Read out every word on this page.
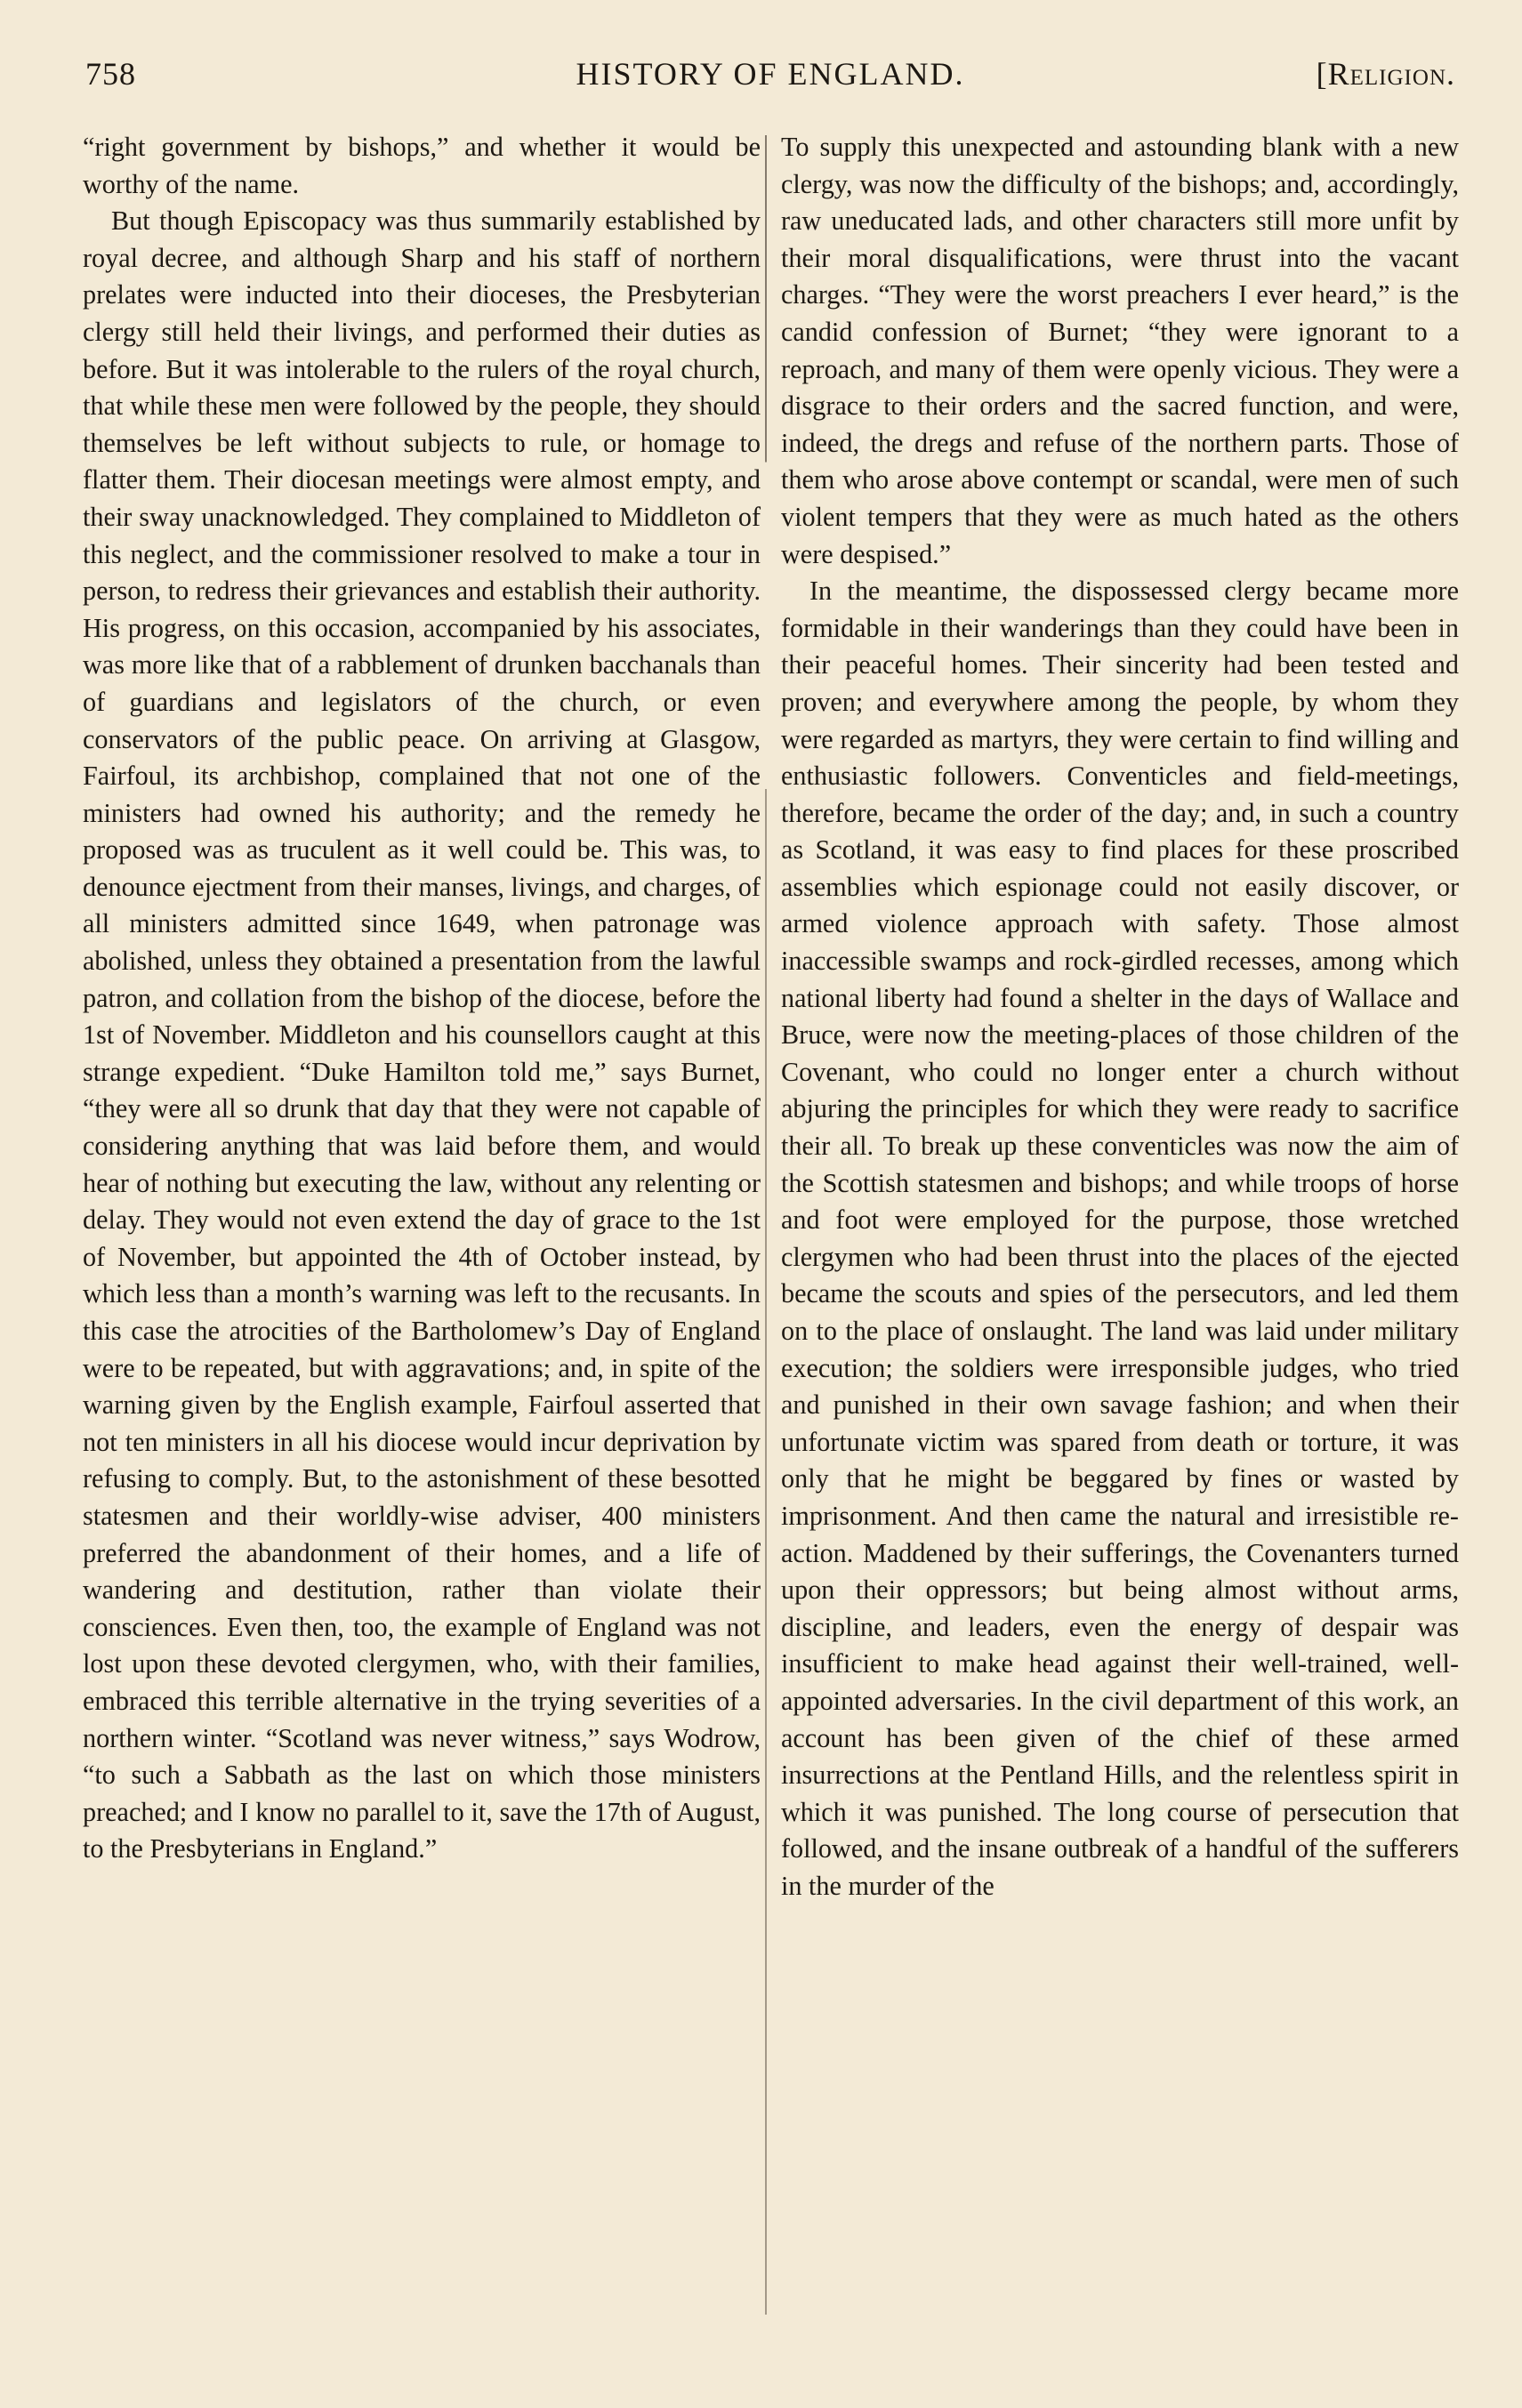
758	HISTORY OF ENGLAND.	[Religion.

“right government by bishops,” and whether it would be worthy of the name.

But though Episcopacy was thus summarily established by royal decree, and although Sharp and his staff of northern prelates were inducted into their dioceses, the Presbyterian clergy still held their livings, and performed their duties as before. But it was intolerable to the rulers of the royal church, that while these men were followed by the people, they should themselves be left without subjects to rule, or homage to flatter them. Their diocesan meetings were almost empty, and their sway unacknowledged. They complained to Middleton of this neglect, and the commissioner resolved to make a tour in person, to redress their grievances and establish their authority. His progress, on this occasion, accompanied by his associates, was more like that of a rabblement of drunken bacchanals than of guardians and legislators of the church, or even conservators of the public peace. On arriving at Glasgow, Fairfoul, its archbishop, complained that not one of the ministers had owned his authority; and the remedy he proposed was as truculent as it well could be. This was, to denounce ejectment from their manses, livings, and charges, of all ministers admitted since 1649, when patronage was abolished, unless they obtained a presentation from the lawful patron, and collation from the bishop of the diocese, before the 1st of November. Middleton and his counsellors caught at this strange expedient. “Duke Hamilton told me,” says Burnet, “they were all so drunk that day that they were not capable of considering anything that was laid before them, and would hear of nothing but executing the law, without any relenting or delay. They would not even extend the day of grace to the 1st of November, but appointed the 4th of October instead, by which less than a month’s warning was left to the recusants. In this case the atrocities of the Bartholomew’s Day of England were to be repeated, but with aggravations; and, in spite of the warning given by the English example, Fairfoul asserted that not ten ministers in all his diocese would incur deprivation by refusing to comply. But, to the astonishment of these besotted statesmen and their worldly-wise adviser, 400 ministers preferred the abandonment of their homes, and a life of wandering and destitution, rather than violate their consciences. Even then, too, the example of England was not lost upon these devoted clergymen, who, with their families, embraced this terrible alternative in the trying severities of a northern winter. “Scotland was never witness,” says Wodrow, “to such a Sabbath as the last on which those ministers preached; and I know no parallel to it, save the 17th of August, to the Presbyterians in England.”

To supply this unexpected and astounding blank with a new clergy, was now the difficulty of the bishops; and, accordingly, raw uneducated lads, and other characters still more unfit by their moral disqualifications, were thrust into the vacant charges. “They were the worst preachers I ever heard,” is the candid confession of Burnet; “they were ignorant to a reproach, and many of them were openly vicious. They were a disgrace to their orders and the sacred function, and were, indeed, the dregs and refuse of the northern parts. Those of them who arose above contempt or scandal, were men of such violent tempers that they were as much hated as the others were despised.”

In the meantime, the dispossessed clergy became more formidable in their wanderings than they could have been in their peaceful homes. Their sincerity had been tested and proven; and everywhere among the people, by whom they were regarded as martyrs, they were certain to find willing and enthusiastic followers. Conventicles and field-meetings, therefore, became the order of the day; and, in such a country as Scotland, it was easy to find places for these proscribed assemblies which espionage could not easily discover, or armed violence approach with safety. Those almost inaccessible swamps and rock-girdled recesses, among which national liberty had found a shelter in the days of Wallace and Bruce, were now the meeting-places of those children of the Covenant, who could no longer enter a church without abjuring the principles for which they were ready to sacrifice their all. To break up these conventicles was now the aim of the Scottish statesmen and bishops; and while troops of horse and foot were employed for the purpose, those wretched clergymen who had been thrust into the places of the ejected became the scouts and spies of the persecutors, and led them on to the place of onslaught. The land was laid under military execution; the soldiers were irresponsible judges, who tried and punished in their own savage fashion; and when their unfortunate victim was spared from death or torture, it was only that he might be beggared by fines or wasted by imprisonment. And then came the natural and irresistible re-action. Maddened by their sufferings, the Covenanters turned upon their oppressors; but being almost without arms, discipline, and leaders, even the energy of despair was insufficient to make head against their well-trained, well-appointed adversaries. In the civil department of this work, an account has been given of the chief of these armed insurrections at the Pentland Hills, and the relentless spirit in which it was punished. The long course of persecution that followed, and the insane outbreak of a handful of the sufferers in the murder of the
